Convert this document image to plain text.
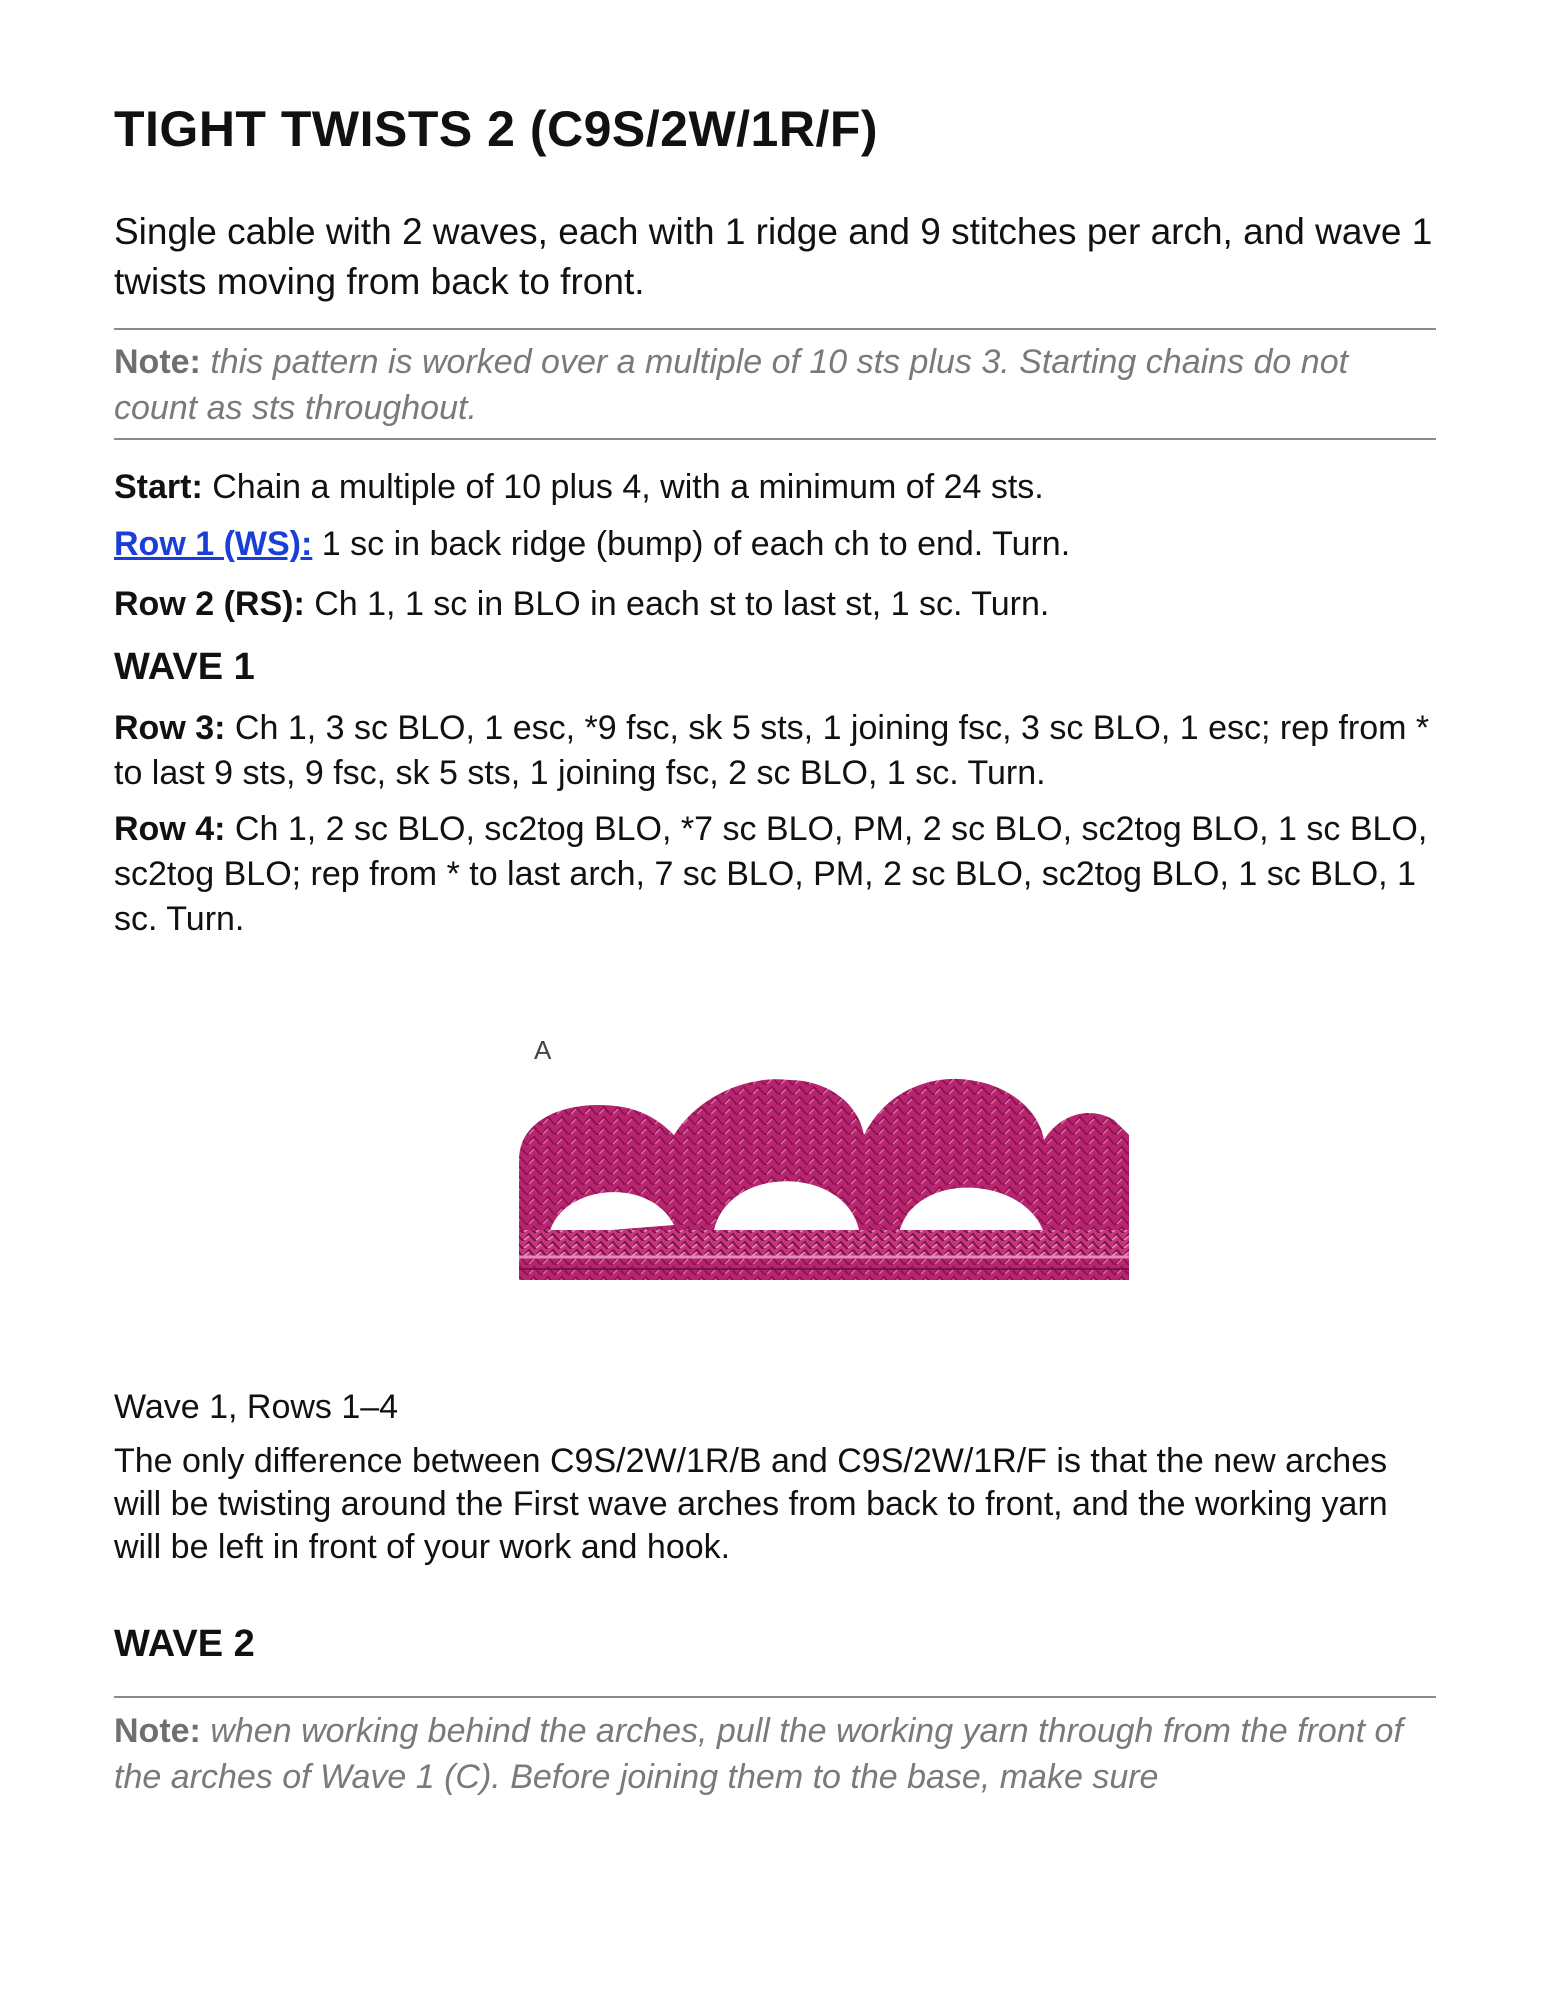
TIGHT TWISTS 2 (C9S/2W/1R/F)

Single cable with 2 waves, each with 1 ridge and 9 stitches per arch, and wave 1 twists moving from back to front.

Note: this pattern is worked over a multiple of 10 sts plus 3. Starting chains do not count as sts throughout.

Start: Chain a multiple of 10 plus 4, with a minimum of 24 sts.

Row 1 (WS): 1 sc in back ridge (bump) of each ch to end. Turn.

Row 2 (RS): Ch 1, 1 sc in BLO in each st to last st, 1 sc. Turn.

WAVE 1

Row 3: Ch 1, 3 sc BLO, 1 esc, *9 fsc, sk 5 sts, 1 joining fsc, 3 sc BLO, 1 esc; rep from * to last 9 sts, 9 fsc, sk 5 sts, 1 joining fsc, 2 sc BLO, 1 sc. Turn.

Row 4: Ch 1, 2 sc BLO, sc2tog BLO, *7 sc BLO, PM, 2 sc BLO, sc2tog BLO, 1 sc BLO, sc2tog BLO; rep from * to last arch, 7 sc BLO, PM, 2 sc BLO, sc2tog BLO, 1 sc BLO, 1 sc. Turn.

A

Wave 1, Rows 1–4

The only difference between C9S/2W/1R/B and C9S/2W/1R/F is that the new arches will be twisting around the First wave arches from back to front, and the working yarn will be left in front of your work and hook.

WAVE 2

Note: when working behind the arches, pull the working yarn through from the front of the arches of Wave 1 (C). Before joining them to the base, make sure
